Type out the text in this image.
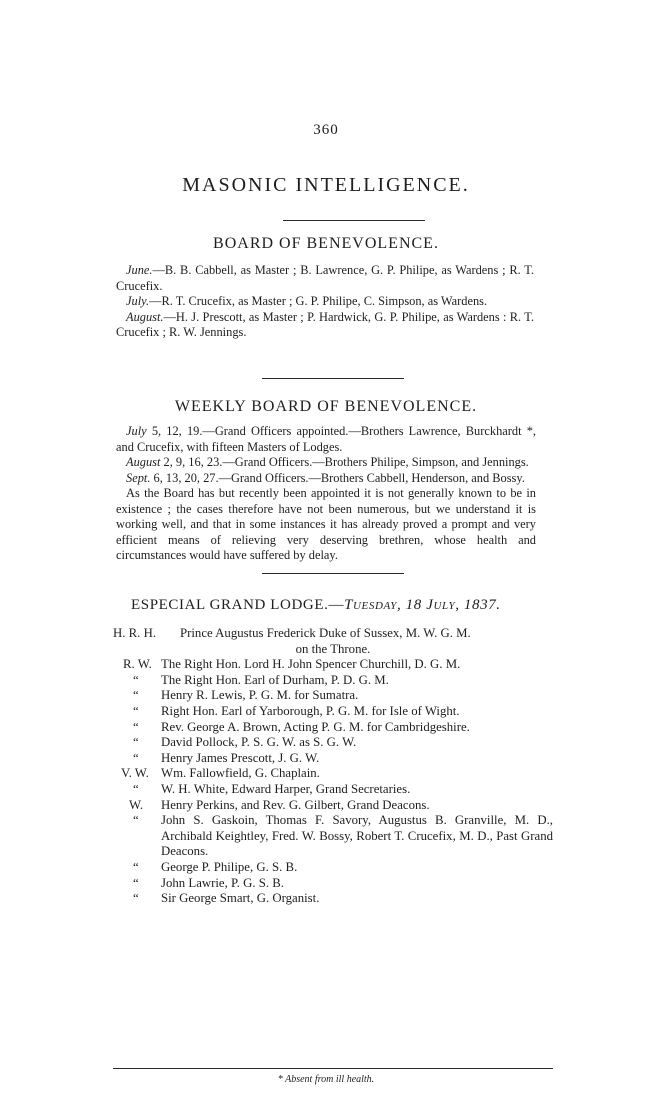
360
MASONIC INTELLIGENCE.
BOARD OF BENEVOLENCE.

June.—B. B. Cabbell, as Master ; B. Lawrence, G. P. Philipe, as Wardens ; R. T. Crucefix.

July.—R. T. Crucefix, as Master ; G. P. Philipe, C. Simpson, as Wardens.

August.—H. J. Prescott, as Master ; P. Hardwick, G. P. Philipe, as Wardens : R. T. Crucefix ; R. W. Jennings.

WEEKLY BOARD OF BENEVOLENCE.

July 5, 12, 19.—Grand Officers appointed.—Brothers Lawrence, Burckhardt *, and Crucefix, with fifteen Masters of Lodges.

August 2, 9, 16, 23.—Grand Officers.—Brothers Philipe, Simpson, and Jennings.

Sept. 6, 13, 20, 27.—Grand Officers.—Brothers Cabbell, Henderson, and Bossy.

As the Board has but recently been appointed it is not generally known to be in existence ; the cases therefore have not been numerous, but we understand it is working well, and that in some instances it has already proved a prompt and very efficient means of relieving very deserving brethren, whose health and circumstances would have suffered by delay.

ESPECIAL GRAND LODGE.—Tuesday, 18 July, 1837.
H. R. H.	Prince Augustus Frederick Duke of Sussex, M. W. G. M.
on the Throne.
R. W. The Right Hon. Lord H. John Spencer Churchill, D. G. M.
“	The Right Hon. Earl of Durham, P. D. G. M.
“	Henry R. Lewis, P. G. M. for Sumatra.
“	Right Hon. Earl of Yarborough, P. G. M. for Isle of Wight.
“	Rev. George A. Brown, Acting P. G. M. for Cambridgeshire.
“	David Pollock, P. S. G. W. as S. G. W.
“	Henry James Prescott, J. G. W.
V. W. Wm. Fallowfield, G. Chaplain.
“	W. H. White, Edward Harper, Grand Secretaries.
W.	Henry Perkins, and Rev. G. Gilbert, Grand Deacons.
“	John S. Gaskoin, Thomas F. Savory, Augustus B. Granville, M. D., Archibald Keightley, Fred. W. Bossy, Robert T. Crucefix, M. D., Past Grand Deacons.
“	George P. Philipe, G. S. B.
“	John Lawrie, P. G. S. B.
“	Sir George Smart, G. Organist.
* Absent from ill health.
